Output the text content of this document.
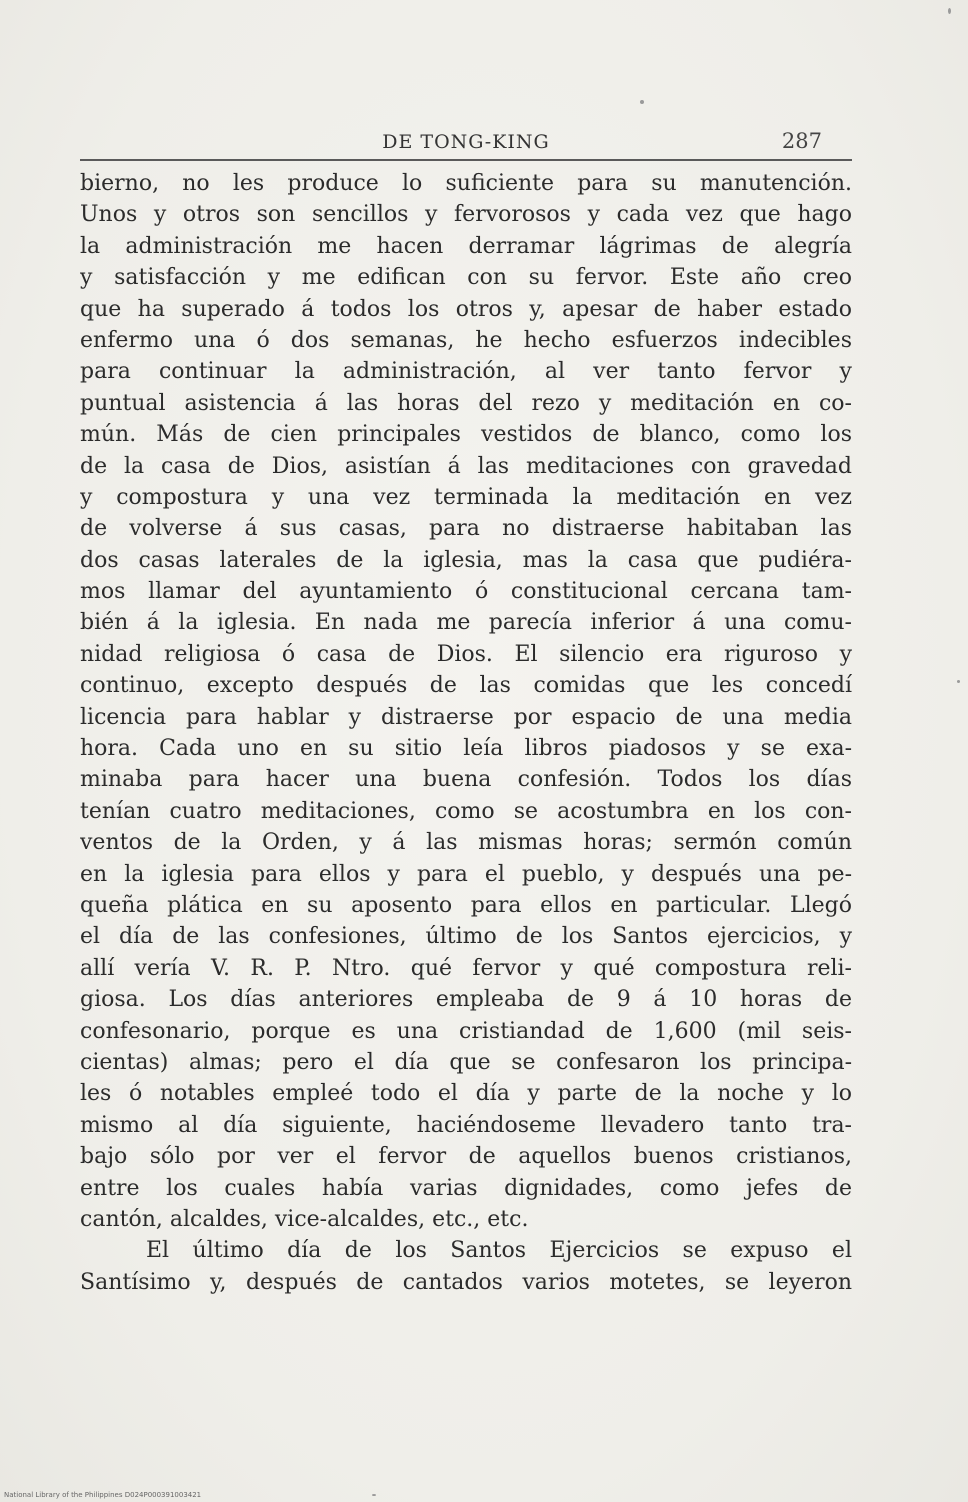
DE TONG-KING	287
bierno, no les produce lo suficiente para su manutención.
Unos y otros son sencillos y fervorosos y cada vez que hago
la administración me hacen derramar lágrimas de alegría
y satisfacción y me edifican con su fervor. Este año creo
que ha superado á todos los otros y, apesar de haber estado
enfermo una ó dos semanas, he hecho esfuerzos indecibles
para continuar la administración, al ver tanto fervor y
puntual asistencia á las horas del rezo y meditación en co-
mún. Más de cien principales vestidos de blanco, como los
de la casa de Dios, asistían á las meditaciones con gravedad
y compostura y una vez terminada la meditación en vez
de volverse á sus casas, para no distraerse habitaban las
dos casas laterales de la iglesia, mas la casa que pudiéra-
mos llamar del ayuntamiento ó constitucional cercana tam-
bién á la iglesia. En nada me parecía inferior á una comu-
nidad religiosa ó casa de Dios. El silencio era riguroso y
continuo, excepto después de las comidas que les concedí
licencia para hablar y distraerse por espacio de una media
hora. Cada uno en su sitio leía libros piadosos y se exa-
minaba para hacer una buena confesión. Todos los días
tenían cuatro meditaciones, como se acostumbra en los con-
ventos de la Orden, y á las mismas horas; sermón común
en la iglesia para ellos y para el pueblo, y después una pe-
queña plática en su aposento para ellos en particular. Llegó
el día de las confesiones, último de los Santos ejercicios, y
allí vería V. R. P. Ntro. qué fervor y qué compostura reli-
giosa. Los días anteriores empleaba de 9 á 10 horas de
confesonario, porque es una cristiandad de 1,600 (mil seis-
cientas) almas; pero el día que se confesaron los principa-
les ó notables empleé todo el día y parte de la noche y lo
mismo al día siguiente, haciéndoseme llevadero tanto tra-
bajo sólo por ver el fervor de aquellos buenos cristianos,
entre los cuales había varias dignidades, como jefes de
cantón, alcaldes, vice-alcaldes, etc., etc.
El último día de los Santos Ejercicios se expuso el
Santísimo y, después de cantados varios motetes, se leyeron
National Library of the Philippines D024P000391003421
